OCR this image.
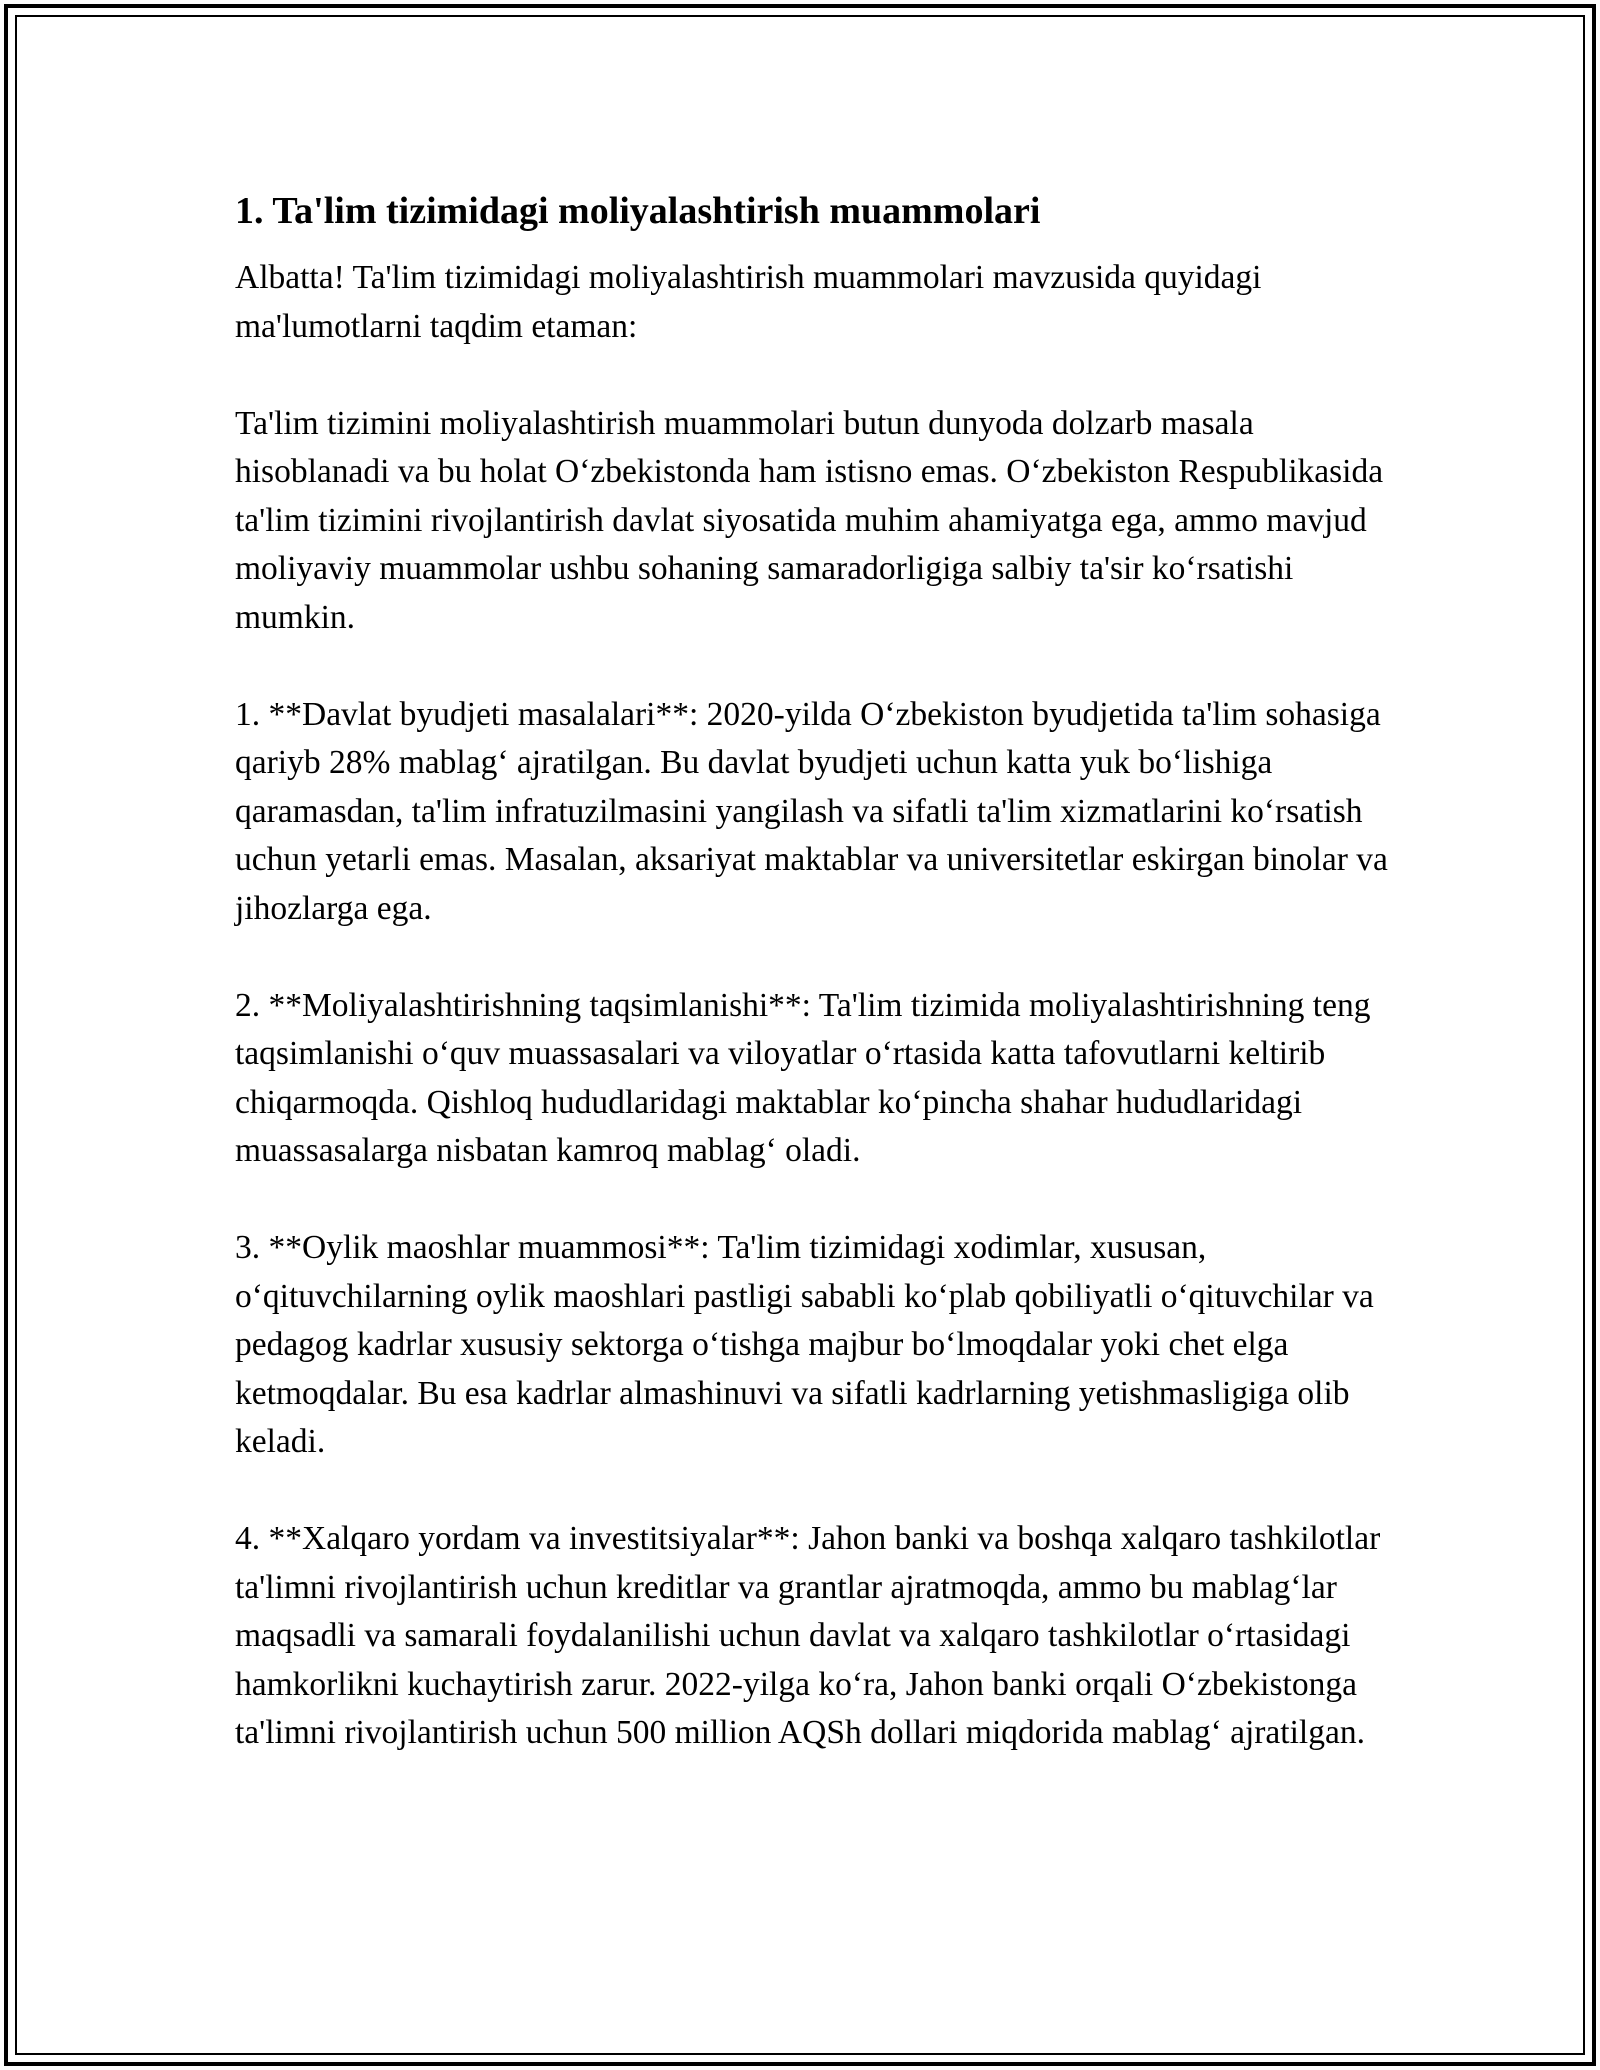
1. Ta'lim tizimidagi moliyalashtirish muammolari

Albatta! Ta'lim tizimidagi moliyalashtirish muammolari mavzusida quyidagi ma'lumotlarni taqdim etaman:

Ta'lim tizimini moliyalashtirish muammolari butun dunyoda dolzarb masala hisoblanadi va bu holat O‘zbekistonda ham istisno emas. O‘zbekiston Respublikasida ta'lim tizimini rivojlantirish davlat siyosatida muhim ahamiyatga ega, ammo mavjud moliyaviy muammolar ushbu sohaning samaradorligiga salbiy ta'sir ko‘rsatishi mumkin.

1. **Davlat byudjeti masalalari**: 2020-yilda O‘zbekiston byudjetida ta'lim sohasiga qariyb 28% mablag‘ ajratilgan. Bu davlat byudjeti uchun katta yuk bo‘lishiga qaramasdan, ta'lim infratuzilmasini yangilash va sifatli ta'lim xizmatlarini ko‘rsatish uchun yetarli emas. Masalan, aksariyat maktablar va universitetlar eskirgan binolar va jihozlarga ega.

2. **Moliyalashtirishning taqsimlanishi**: Ta'lim tizimida moliyalashtirishning teng taqsimlanishi o‘quv muassasalari va viloyatlar o‘rtasida katta tafovutlarni keltirib chiqarmoqda. Qishloq hududlaridagi maktablar ko‘pincha shahar hududlaridagi muassasalarga nisbatan kamroq mablag‘ oladi.

3. **Oylik maoshlar muammosi**: Ta'lim tizimidagi xodimlar, xususan, o‘qituvchilarning oylik maoshlari pastligi sababli ko‘plab qobiliyatli o‘qituvchilar va pedagog kadrlar xususiy sektorga o‘tishga majbur bo‘lmoqdalar yoki chet elga ketmoqdalar. Bu esa kadrlar almashinuvi va sifatli kadrlarning yetishmasligiga olib keladi.

4. **Xalqaro yordam va investitsiyalar**: Jahon banki va boshqa xalqaro tashkilotlar ta'limni rivojlantirish uchun kreditlar va grantlar ajratmoqda, ammo bu mablag‘lar maqsadli va samarali foydalanilishi uchun davlat va xalqaro tashkilotlar o‘rtasidagi hamkorlikni kuchaytirish zarur. 2022-yilga ko‘ra, Jahon banki orqali O‘zbekistonga ta'limni rivojlantirish uchun 500 million AQSh dollari miqdorida mablag‘ ajratilgan.
